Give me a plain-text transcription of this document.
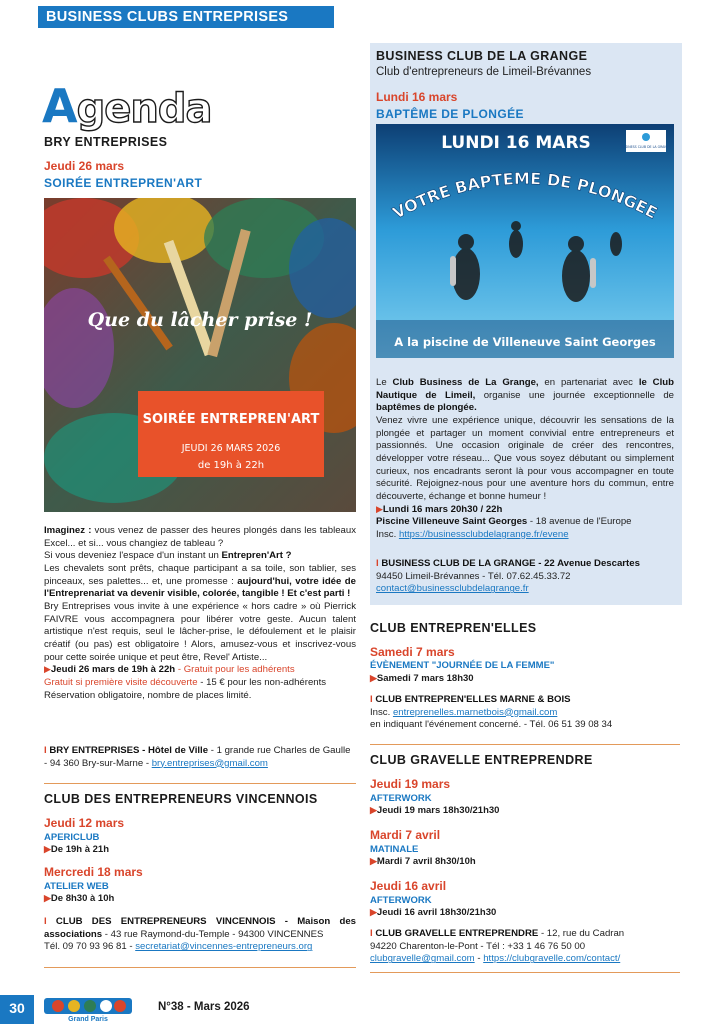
BUSINESS CLUBS ENTREPRISES
Agenda
BRY ENTREPRISES
Jeudi 26 mars
SOIRÉE ENTREPREN'ART
Que du lâcher prise !
SOIRÉE ENTREPREN'ART
JEUDI 26 MARS 2026
de 19h à 22h
Imaginez : vous venez de passer des heures plongés dans les tableaux Excel... et si... vous changiez de tableau ?
Si vous deveniez l'espace d'un instant un Entrepren'Art ?
Les chevalets sont prêts, chaque participant a sa toile, son tablier, ses pinceaux, ses palettes... et, une promesse : aujourd'hui, votre idée de l'Entreprenariat va devenir visible, colorée, tangible ! Et c'est parti !
Bry Entreprises vous invite à une expérience « hors cadre » où Pierrick FAIVRE vous accompagnera pour libérer votre geste. Aucun talent artistique n'est requis, seul le lâcher-prise, le défoulement et le plaisir créatif (ou pas) est obligatoire ! Alors, amusez-vous et inscrivez-vous pour cette soirée unique et peut être, Revel' Artiste...
▶Jeudi 26 mars de 19h à 22h - Gratuit pour les adhérents
Gratuit si première visite découverte - 15 € pour les non-adhérents
Réservation obligatoire, nombre de places limité.
I BRY ENTREPRISES - Hôtel de Ville - 1 grande rue Charles de Gaulle - 94 360 Bry-sur-Marne - bry.entreprises@gmail.com
CLUB DES ENTREPRENEURS VINCENNOIS
Jeudi 12 mars
APERICLUB
▶De 19h à 21h
Mercredi 18 mars
ATELIER WEB
▶De 8h30 à 10h
I CLUB DES ENTREPRENEURS VINCENNOIS - Maison des associations - 43 rue Raymond-du-Temple - 94300 VINCENNES
Tél. 09 70 93 96 81 - secretariat@vincennes-entrepreneurs.org
BUSINESS CLUB DE LA GRANGE
Club d'entrepreneurs de Limeil-Brévannes
Lundi 16 mars
BAPTÊME DE PLONGÉE
BUSINESS CLUB DE LA GRANGE
LUNDI 16 MARS
VOTRE BAPTEME DE PLONGEE
A la piscine de Villeneuve Saint Georges
Le Club Business de La Grange, en partenariat avec le Club Nautique de Limeil, organise une journée exceptionnelle de baptêmes de plongée.
Venez vivre une expérience unique, découvrir les sensations de la plongée et partager un moment convivial entre entrepreneurs et passionnés. Une occasion originale de créer des rencontres, développer votre réseau... Que vous soyez débutant ou simplement curieux, nos encadrants seront là pour vous accompagner en toute sécurité. Rejoignez-nous pour une aventure hors du commun, entre découverte, échange et bonne humeur !
▶Lundi 16 mars 20h30 / 22h
Piscine Villeneuve Saint Georges - 18 avenue de l'Europe
Insc. https://businessclubdelagrange.fr/evene
I BUSINESS CLUB DE LA GRANGE - 22 Avenue Descartes
94450 Limeil-Brévannes - Tél. 07.62.45.33.72
contact@businessclubdelagrange.fr
CLUB ENTREPREN'ELLES
Samedi 7 mars
ÉVÈNEMENT "JOURNÉE DE LA FEMME"
▶Samedi 7 mars 18h30
I CLUB ENTREPREN'ELLES MARNE & BOIS
Insc. entreprenelles.marnetbois@gmail.com
en indiquant l'événement concerné. - Tél. 06 51 39 08 34
CLUB GRAVELLE ENTREPRENDRE
Jeudi 19 mars
AFTERWORK
▶Jeudi 19 mars 18h30/21h30
Mardi 7 avril
MATINALE
▶Mardi 7 avril 8h30/10h
Jeudi 16 avril
AFTERWORK
▶Jeudi 16 avril 18h30/21h30
I CLUB GRAVELLE ENTREPRENDRE - 12, rue du Cadran
94220 Charenton-le-Pont - Tél : +33 1 46 76 50 00
clubgravelle@gmail.com - https://clubgravelle.com/contact/
30
Grand Paris
N°38 - Mars 2026
